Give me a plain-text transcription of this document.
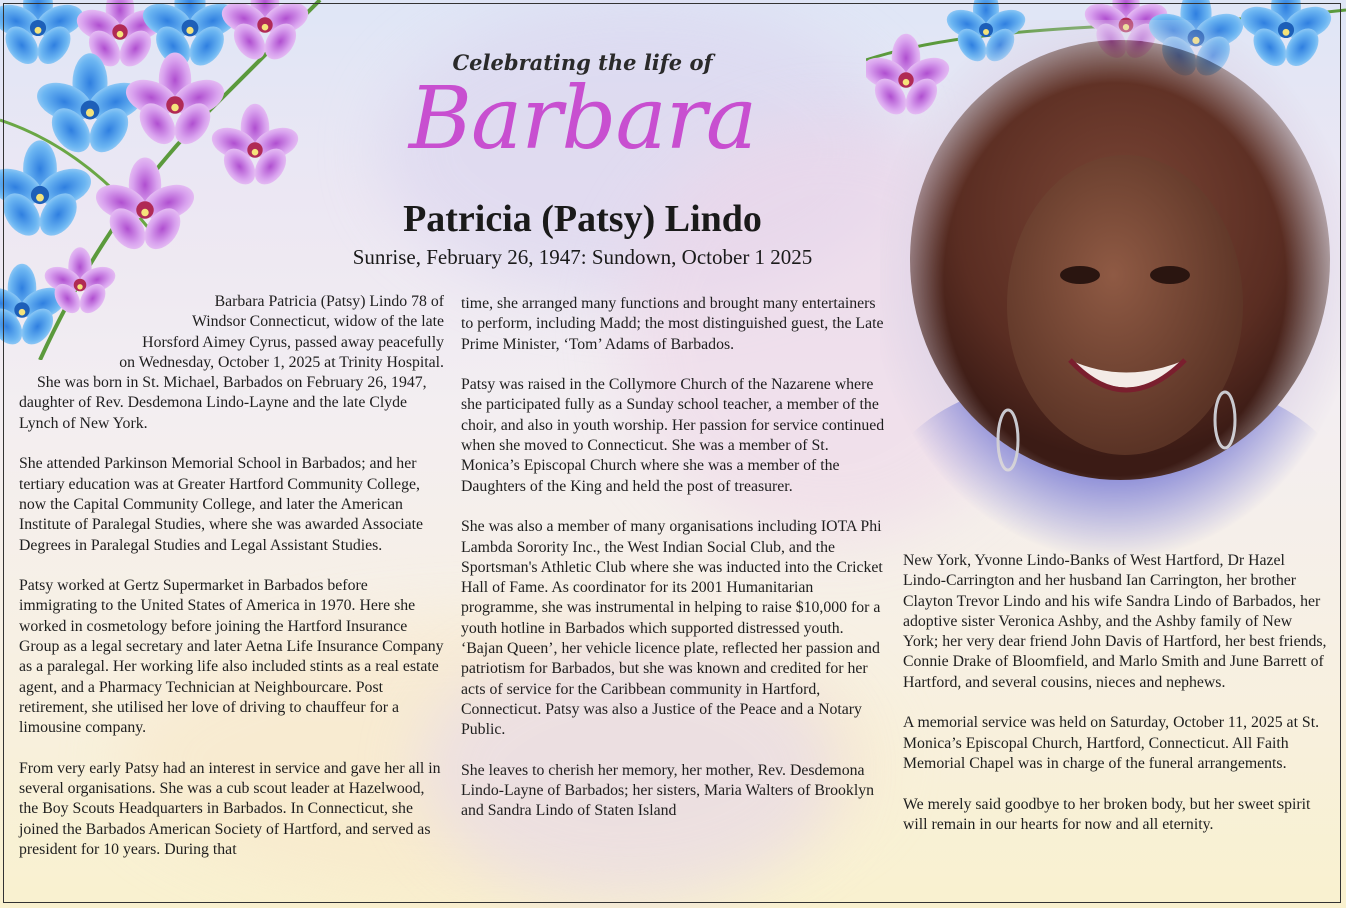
Celebrating the life of
Barbara
Patricia (Patsy) Lindo
Sunrise, February 26, 1947: Sundown, October 1 2025
Barbara Patricia (Patsy) Lindo 78 of
Windsor Connecticut, widow of the late
Horsford Aimey Cyrus, passed away peacefully
on Wednesday, October 1, 2025 at Trinity Hospital.

She was born in St. Michael, Barbados on February 26, 1947, daughter of Rev. Desdemona Lindo-Layne and the late Clyde Lynch of New York.

She attended Parkinson Memorial School in Barbados; and her tertiary education was at Greater Hartford Community College, now the Capital Community College, and later the American Institute of Paralegal Studies, where she was awarded Associate Degrees in Paralegal Studies and Legal Assistant Studies.

Patsy worked at Gertz Supermarket in Barbados before immigrating to the United States of America in 1970. Here she worked in cosmetology before joining the Hartford Insurance Group as a legal secretary and later Aetna Life Insurance Company as a paralegal. Her working life also included stints as a real estate agent, and a Pharmacy Technician at Neighbourcare. Post retirement, she utilised her love of driving to chauffeur for a limousine company.

From very early Patsy had an interest in service and gave her all in several organisations. She was a cub scout leader at Hazelwood, the Boy Scouts Headquarters in Barbados. In Connecticut, she joined the Barbados American Society of Hartford, and served as president for 10 years. During that

time, she arranged many functions and brought many entertainers to perform, including Madd; the most distinguished guest, the Late Prime Minister, ‘Tom’ Adams of Barbados.

Patsy was raised in the Collymore Church of the Nazarene where she participated fully as a Sunday school teacher, a member of the choir, and also in youth worship. Her passion for service continued when she moved to Connecticut. She was a member of St. Monica’s Episcopal Church where she was a member of the Daughters of the King and held the post of treasurer.

She was also a member of many organisations including IOTA Phi Lambda Sorority Inc., the West Indian Social Club, and the Sportsman's Athletic Club where she was inducted into the Cricket Hall of Fame. As coordinator for its 2001 Humanitarian programme, she was instrumental in helping to raise $10,000 for a youth hotline in Barbados which supported distressed youth. ‘Bajan Queen’, her vehicle licence plate, reflected her passion and patriotism for Barbados, but she was known and credited for her acts of service for the Caribbean community in Hartford, Connecticut. Patsy was also a Justice of the Peace and a Notary Public.

She leaves to cherish her memory, her mother, Rev. Desdemona Lindo-Layne of Barbados; her sisters, Maria Walters of Brooklyn and Sandra Lindo of Staten Island

New York, Yvonne Lindo-Banks of West Hartford, Dr Hazel Lindo-Carrington and her husband Ian Carrington, her brother Clayton Trevor Lindo and his wife Sandra Lindo of Barbados, her adoptive sister Veronica Ashby, and the Ashby family of New York; her very dear friend John Davis of Hartford, her best friends, Connie Drake of Bloomfield, and Marlo Smith and June Barrett of Hartford, and several cousins, nieces and nephews.

A memorial service was held on Saturday, October 11, 2025 at St. Monica’s Episcopal Church, Hartford, Connecticut. All Faith Memorial Chapel was in charge of the funeral arrangements.

We merely said goodbye to her broken body, but her sweet spirit will remain in our hearts for now and all eternity.
